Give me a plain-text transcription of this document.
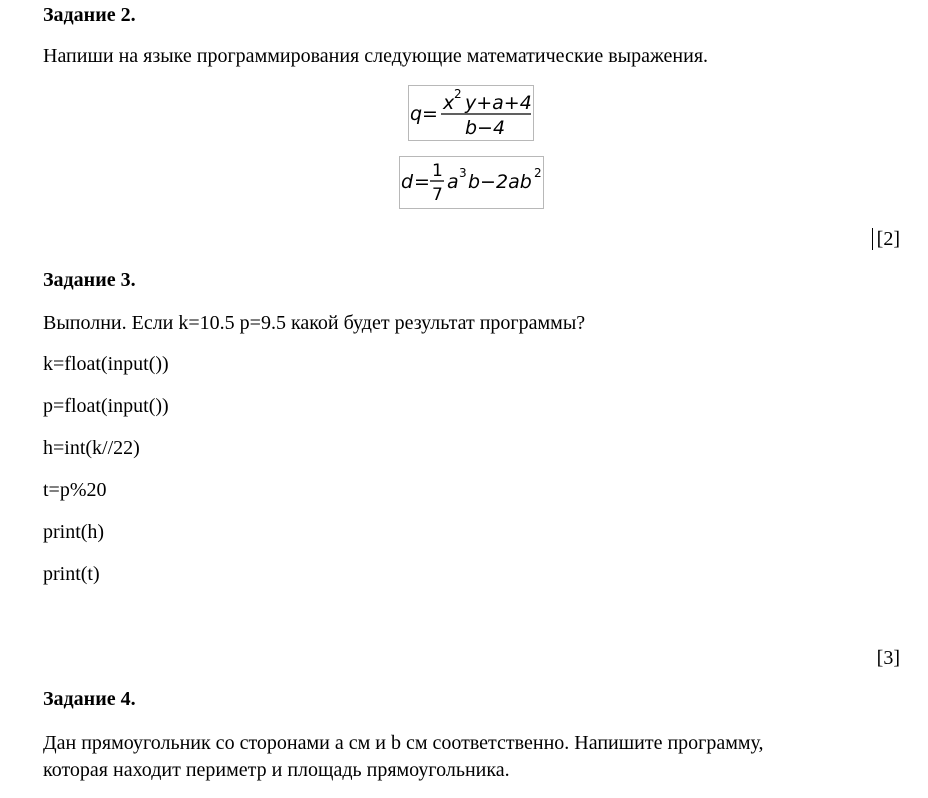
Задание 2.
Напиши на языке программирования следующие математические выражения.
q = x 2 y+a+4
b−4
d = 1
7
a 3 b−2ab 2
[2]
Задание 3.
Выполни. Если k=10.5 p=9.5 какой будет результат программы?
k=float(input())
p=float(input())
h=int(k//22)
t=p%20
print(h)
print(t)
[3]
Задание 4.
Дан прямоугольник со сторонами a см и b см соответственно. Напишите программу,
которая находит периметр и площадь прямоугольника.
